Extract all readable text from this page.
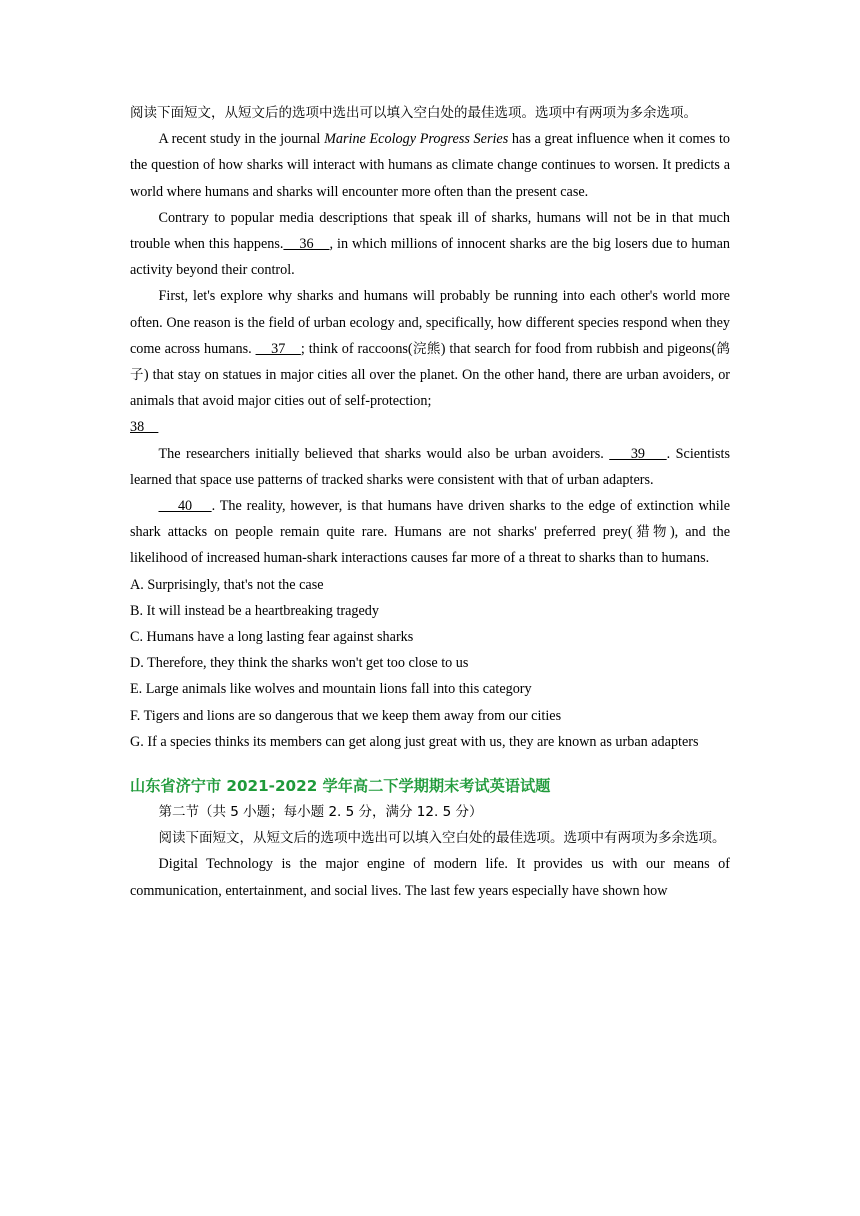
阅读下面短文，从短文后的选项中选出可以填入空白处的最佳选项。选项中有两项为多余选项。

A recent study in the journal Marine Ecology Progress Series has a great influence when it comes to the question of how sharks will interact with humans as climate change continues to worsen. It predicts a world where humans and sharks will encounter more often than the present case.

Contrary to popular media descriptions that speak ill of sharks, humans will not be in that much trouble when this happens.    36    , in which millions of innocent sharks are the big losers due to human activity beyond their control.

First, let's explore why sharks and humans will probably be running into each other's world more often. One reason is the field of urban ecology and, specifically, how different species respond when they come across humans.     37    ; think of raccoons(浣熊) that search for food from rubbish and pigeons(鸽子) that stay on statues in major cities all over the planet. On the other hand, there are urban avoiders, or animals that avoid major cities out of self-protection;
38

The researchers initially believed that sharks would also be urban avoiders.     39    . Scientists learned that space use patterns of tracked sharks were consistent with that of urban adapters.

40    . The reality, however, is that humans have driven sharks to the edge of extinction while shark attacks on people remain quite rare. Humans are not sharks' preferred prey(猎物), and the likelihood of increased human-shark interactions causes far more of a threat to sharks than to humans.

A. Surprisingly, that's not the case

B. It will instead be a heartbreaking tragedy

C. Humans have a long lasting fear against sharks

D. Therefore, they think the sharks won't get too close to us

E. Large animals like wolves and mountain lions fall into this category

F. Tigers and lions are so dangerous that we keep them away from our cities

G. If a species thinks its members can get along just great with us, they are known as urban adapters

山东省济宁市 2021-2022 学年高二下学期期末考试英语试题

第二节（共 5 小题；每小题 2. 5 分，满分 12. 5 分）

阅读下面短文，从短文后的选项中选出可以填入空白处的最佳选项。选项中有两项为多余选项。

Digital Technology is the major engine of modern life. It provides us with our means of communication, entertainment, and social lives. The last few years especially have shown how
